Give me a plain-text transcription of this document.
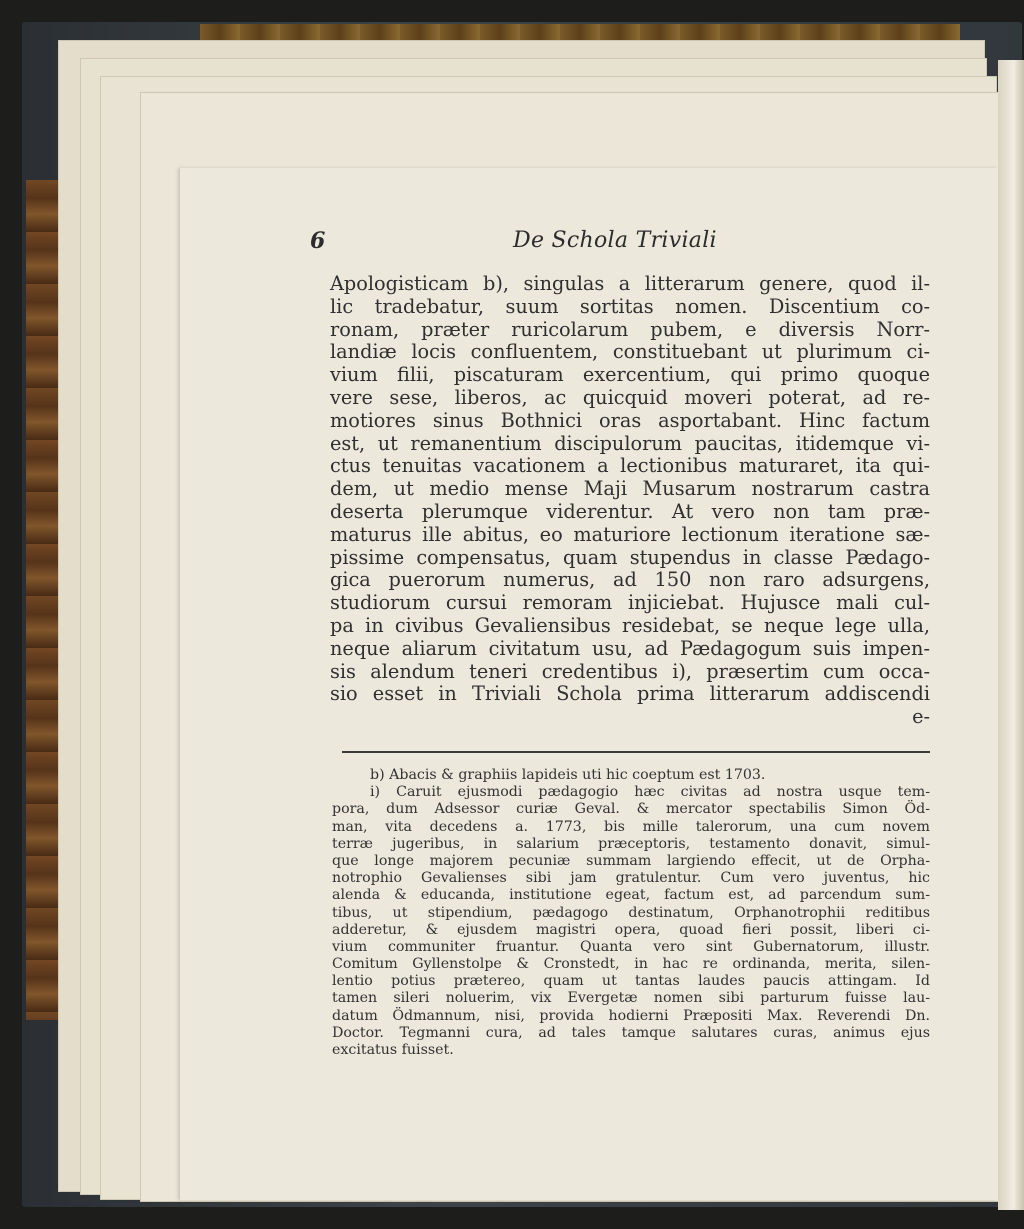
6	De Schola Triviali
Apologisticam b), singulas a litterarum genere, quod il-
lic tradebatur, suum sortitas nomen. Discentium co-
ronam, præter ruricolarum pubem, e diversis Norr-
landiæ locis confluentem, constituebant ut plurimum ci-
vium filii, piscaturam exercentium, qui primo quoque
vere sese, liberos, ac quicquid moveri poterat, ad re-
motiores sinus Bothnici oras asportabant. Hinc factum
est, ut remanentium discipulorum paucitas, itidemque vi-
ctus tenuitas vacationem a lectionibus maturaret, ita qui-
dem, ut medio mense Maji Musarum nostrarum castra
deserta plerumque viderentur. At vero non tam præ-
maturus ille abitus, eo maturiore lectionum iteratione sæ-
pissime compensatus, quam stupendus in classe Pædago-
gica puerorum numerus, ad 150 non raro adsurgens,
studiorum cursui remoram injiciebat. Hujusce mali cul-
pa in civibus Gevaliensibus residebat, se neque lege ulla,
neque aliarum civitatum usu, ad Pædagogum suis impen-
sis alendum teneri credentibus i), præsertim cum occa-
sio esset in Triviali Schola prima litterarum addiscendi
e-
b) Abacis & graphiis lapideis uti hic coeptum est 1703.
i) Caruit ejusmodi pædagogio hæc civitas ad nostra usque tem-
pora, dum Adsessor curiæ Geval. & mercator spectabilis Simon Öd-
man, vita decedens a. 1773, bis mille talerorum, una cum novem
terræ jugeribus, in salarium præceptoris, testamento donavit, simul-
que longe majorem pecuniæ summam largiendo effecit, ut de Orpha-
notrophio Gevalienses sibi jam gratulentur. Cum vero juventus, hic
alenda & educanda, institutione egeat, factum est, ad parcendum sum-
tibus, ut stipendium, pædagogo destinatum, Orphanotrophii reditibus
adderetur, & ejusdem magistri opera, quoad fieri possit, liberi ci-
vium communiter fruantur. Quanta vero sint Gubernatorum, illustr.
Comitum Gyllenstolpe & Cronstedt, in hac re ordinanda, merita, silen-
lentio potius prætereo, quam ut tantas laudes paucis attingam. Id
tamen sileri noluerim, vix Evergetæ nomen sibi parturum fuisse lau-
datum Ödmannum, nisi, provida hodierni Præpositi Max. Reverendi Dn.
Doctor. Tegmanni cura, ad tales tamque salutares curas, animus ejus
excitatus fuisset.
